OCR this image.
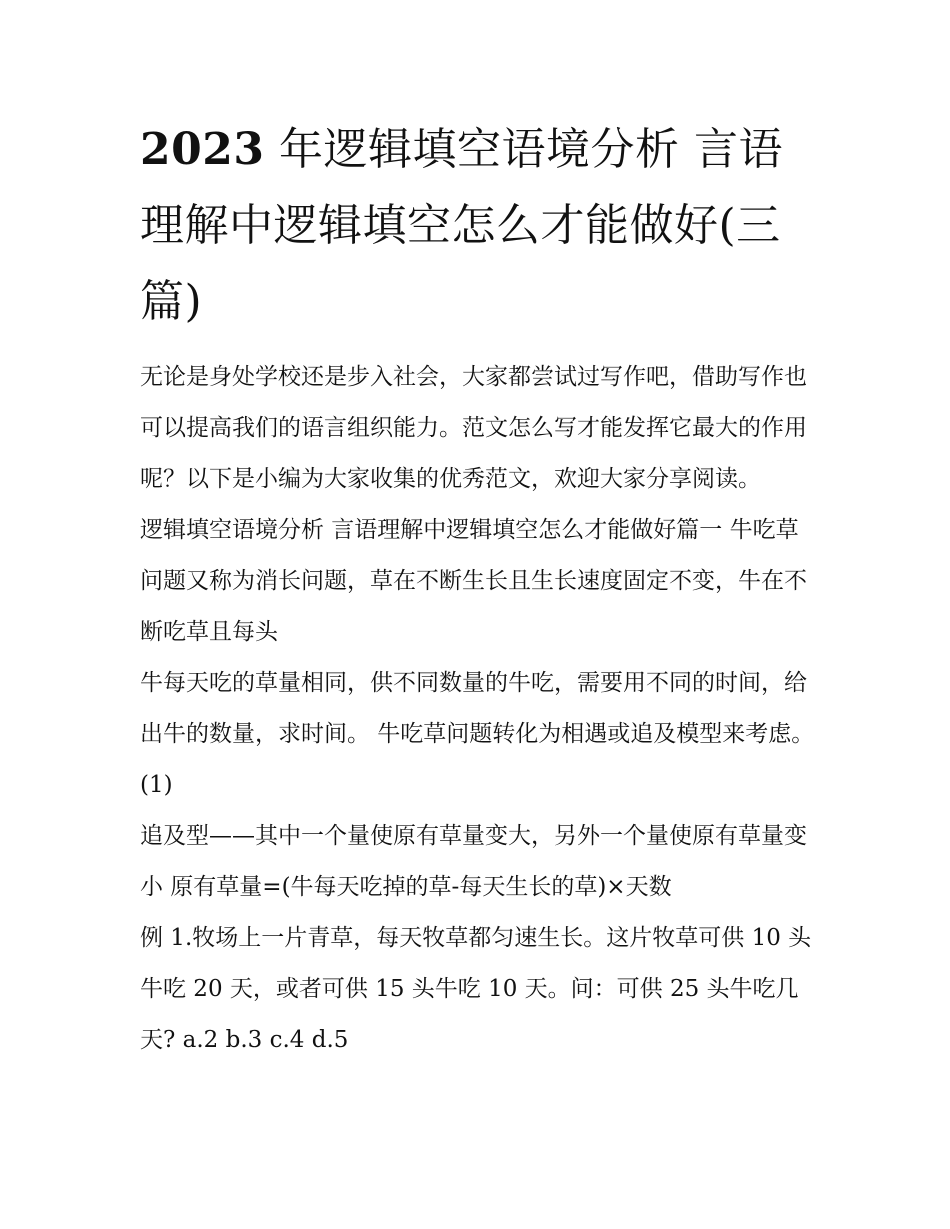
2023 年逻辑填空语境分析 言语理解中逻辑填空怎么才能做好(三篇)

无论是身处学校还是步入社会，大家都尝试过写作吧，借助写作也可以提高我们的语言组织能力。范文怎么写才能发挥它最大的作用呢？以下是小编为大家收集的优秀范文，欢迎大家分享阅读。

逻辑填空语境分析 言语理解中逻辑填空怎么才能做好篇一 牛吃草问题又称为消长问题，草在不断生长且生长速度固定不变，牛在不断吃草且每头

牛每天吃的草量相同，供不同数量的牛吃，需要用不同的时间，给出牛的数量，求时间。 牛吃草问题转化为相遇或追及模型来考虑。 (1)

追及型——其中一个量使原有草量变大，另外一个量使原有草量变小 原有草量=(牛每天吃掉的草-每天生长的草)×天数

例 1.牧场上一片青草，每天牧草都匀速生长。这片牧草可供 10 头牛吃 20 天，或者可供 15 头牛吃 10 天。问：可供 25 头牛吃几天? a.2 b.3 c.4 d.5
